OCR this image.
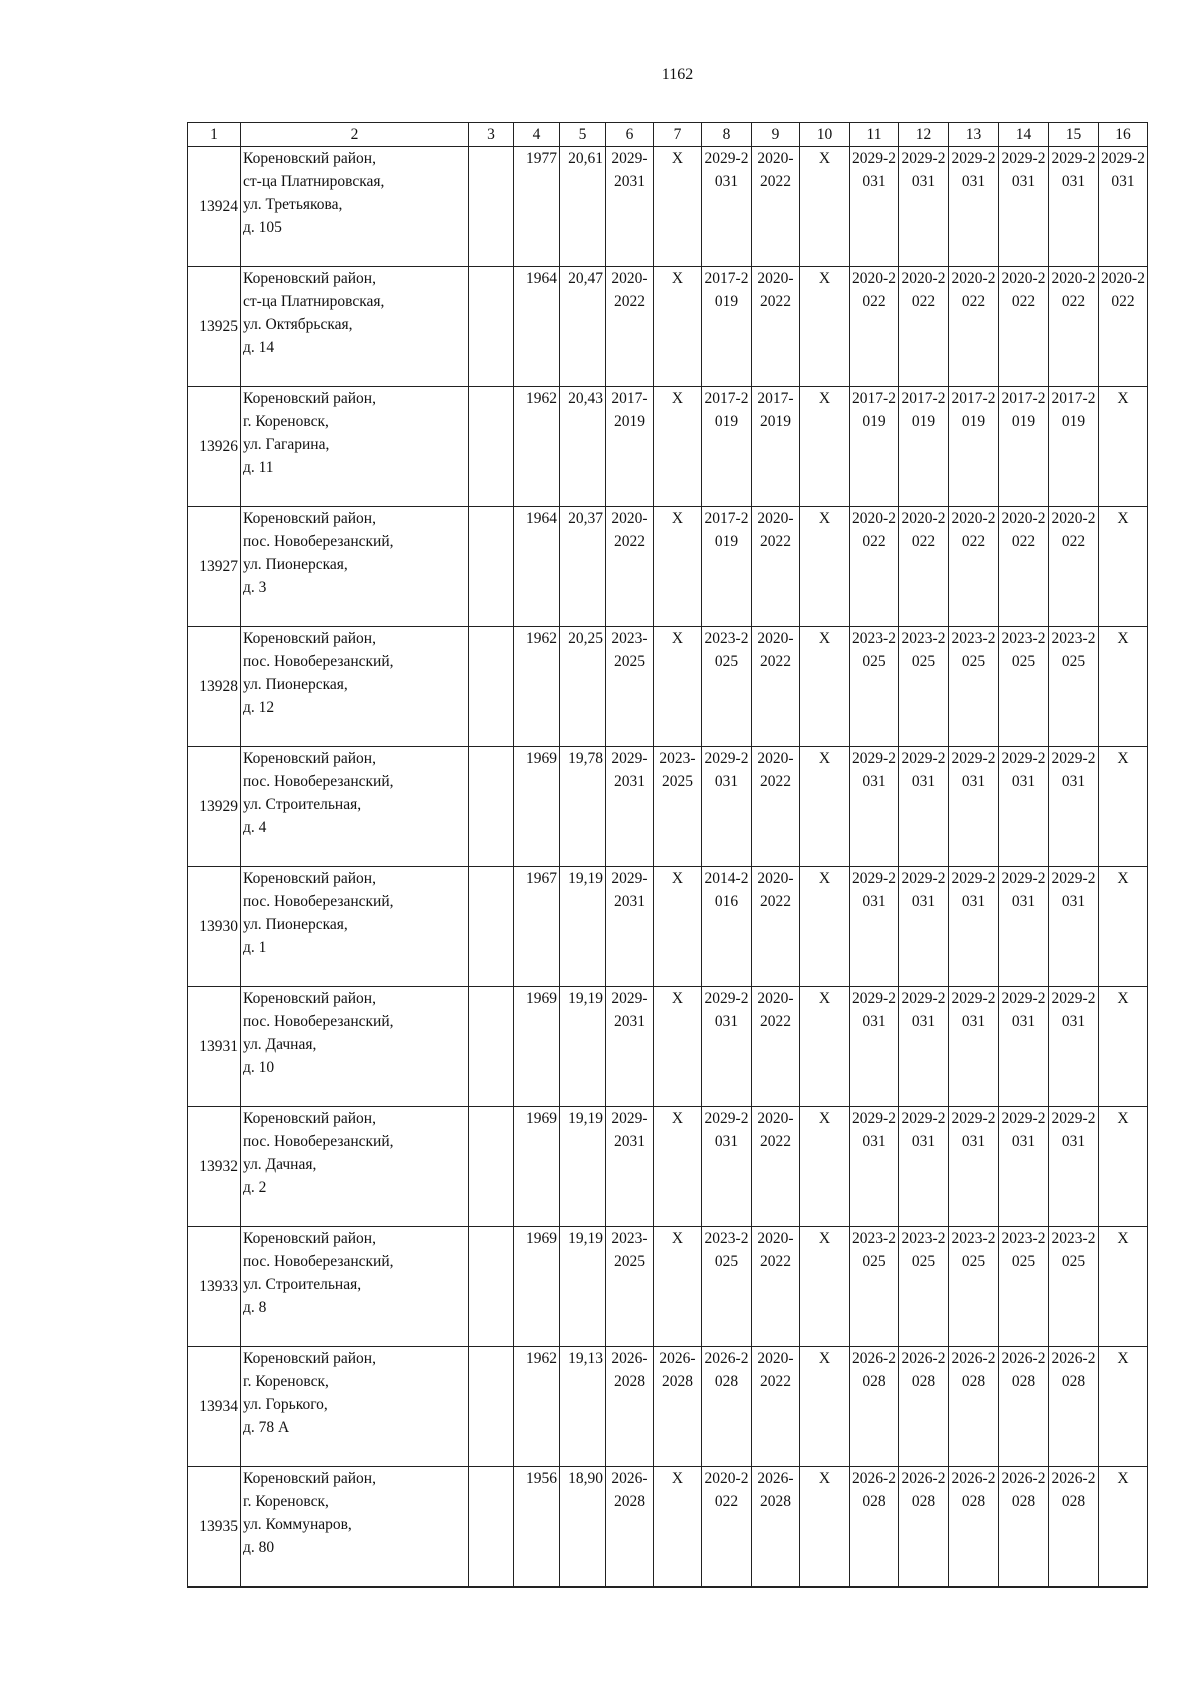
1162
1	2	3	4	5	6	7	8	9	10	11	12	13	14	15	16
13924	Кореновский район,
ст-ца Платнировская,
ул. Третьякова,
д. 105		1977	20,61	2029-2031	X	2029-2031	2020-2022	X	2029-2031	2029-2031	2029-2031	2029-2031	2029-2031	2029-2031
13925	Кореновский район,
ст-ца Платнировская,
ул. Октябрьская,
д. 14		1964	20,47	2020-2022	X	2017-2019	2020-2022	X	2020-2022	2020-2022	2020-2022	2020-2022	2020-2022	2020-2022
13926	Кореновский район,
г. Кореновск,
ул. Гагарина,
д. 11		1962	20,43	2017-2019	X	2017-2019	2017-2019	X	2017-2019	2017-2019	2017-2019	2017-2019	2017-2019	X
13927	Кореновский район,
пос. Новоберезанский,
ул. Пионерская,
д. 3		1964	20,37	2020-2022	X	2017-2019	2020-2022	X	2020-2022	2020-2022	2020-2022	2020-2022	2020-2022	X
13928	Кореновский район,
пос. Новоберезанский,
ул. Пионерская,
д. 12		1962	20,25	2023-2025	X	2023-2025	2020-2022	X	2023-2025	2023-2025	2023-2025	2023-2025	2023-2025	X
13929	Кореновский район,
пос. Новоберезанский,
ул. Строительная,
д. 4		1969	19,78	2029-2031	2023-2025	2029-2031	2020-2022	X	2029-2031	2029-2031	2029-2031	2029-2031	2029-2031	X
13930	Кореновский район,
пос. Новоберезанский,
ул. Пионерская,
д. 1		1967	19,19	2029-2031	X	2014-2016	2020-2022	X	2029-2031	2029-2031	2029-2031	2029-2031	2029-2031	X
13931	Кореновский район,
пос. Новоберезанский,
ул. Дачная,
д. 10		1969	19,19	2029-2031	X	2029-2031	2020-2022	X	2029-2031	2029-2031	2029-2031	2029-2031	2029-2031	X
13932	Кореновский район,
пос. Новоберезанский,
ул. Дачная,
д. 2		1969	19,19	2029-2031	X	2029-2031	2020-2022	X	2029-2031	2029-2031	2029-2031	2029-2031	2029-2031	X
13933	Кореновский район,
пос. Новоберезанский,
ул. Строительная,
д. 8		1969	19,19	2023-2025	X	2023-2025	2020-2022	X	2023-2025	2023-2025	2023-2025	2023-2025	2023-2025	X
13934	Кореновский район,
г. Кореновск,
ул. Горького,
д. 78 А		1962	19,13	2026-2028	2026-2028	2026-2028	2020-2022	X	2026-2028	2026-2028	2026-2028	2026-2028	2026-2028	X
13935	Кореновский район,
г. Кореновск,
ул. Коммунаров,
д. 80		1956	18,90	2026-2028	X	2020-2022	2026-2028	X	2026-2028	2026-2028	2026-2028	2026-2028	2026-2028	X
